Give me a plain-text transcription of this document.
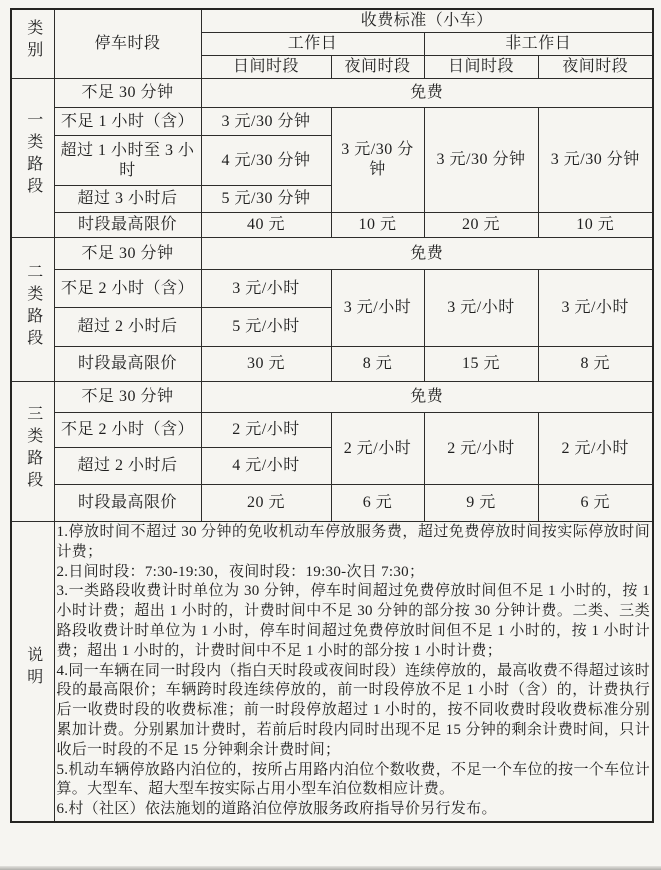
类别	停车时段	收费标准（小车）			
		工作日		非工作日	
		日间时段	夜间时段	日间时段	夜间时段
一类路段	不足 30 分钟	免费			
	不足 1 小时（含）	3 元/30 分钟	3 元/30 分钟	3 元/30 分钟	3 元/30 分钟
	超过 1 小时至 3 小时	4 元/30 分钟			
	超过 3 小时后	5 元/30 分钟			
	时段最高限价	40 元	10 元	20 元	10 元
二类路段	不足 30 分钟	免费			
	不足 2 小时（含）	3 元/小时	3 元/小时	3 元/小时	3 元/小时
	超过 2 小时后	5 元/小时			
	时段最高限价	30 元	8 元	15 元	8 元
三类路段	不足 30 分钟	免费			
	不足 2 小时（含）	2 元/小时	2 元/小时	2 元/小时	2 元/小时
	超过 2 小时后	4 元/小时			
	时段最高限价	20 元	6 元	9 元	6 元
说明	
1.停放时间不超过 30 分钟的免收机动车停放服务费，超过免费停放时间按实际停放时间计费；
2.日间时段：7:30-19:30，夜间时段：19:30-次日 7:30；
3.一类路段收费计时单位为 30 分钟，停车时间超过免费停放时间但不足 1 小时的，按 1 小时计费；超出 1 小时的，计费时间中不足 30 分钟的部分按 30 分钟计费。二类、三类路段收费计时单位为 1 小时，停车时间超过免费停放时间但不足 1 小时的，按 1 小时计费；超出 1 小时的，计费时间中不足 1 小时的部分按 1 小时计费；
4.同一车辆在同一时段内（指白天时段或夜间时段）连续停放的，最高收费不得超过该时段的最高限价；车辆跨时段连续停放的，前一时段停放不足 1 小时（含）的，计费执行后一收费时段的收费标准；前一时段停放超过 1 小时的，按不同收费时段收费标准分别累加计费。分别累加计费时，若前后时段内同时出现不足 15 分钟的剩余计费时间，只计收后一时段的不足 15 分钟剩余计费时间；
5.机动车辆停放路内泊位的，按所占用路内泊位个数收费，不足一个车位的按一个车位计算。大型车、超大型车按实际占用小型车泊位数相应计费。
6.村（社区）依法施划的道路泊位停放服务政府指导价另行发布。
